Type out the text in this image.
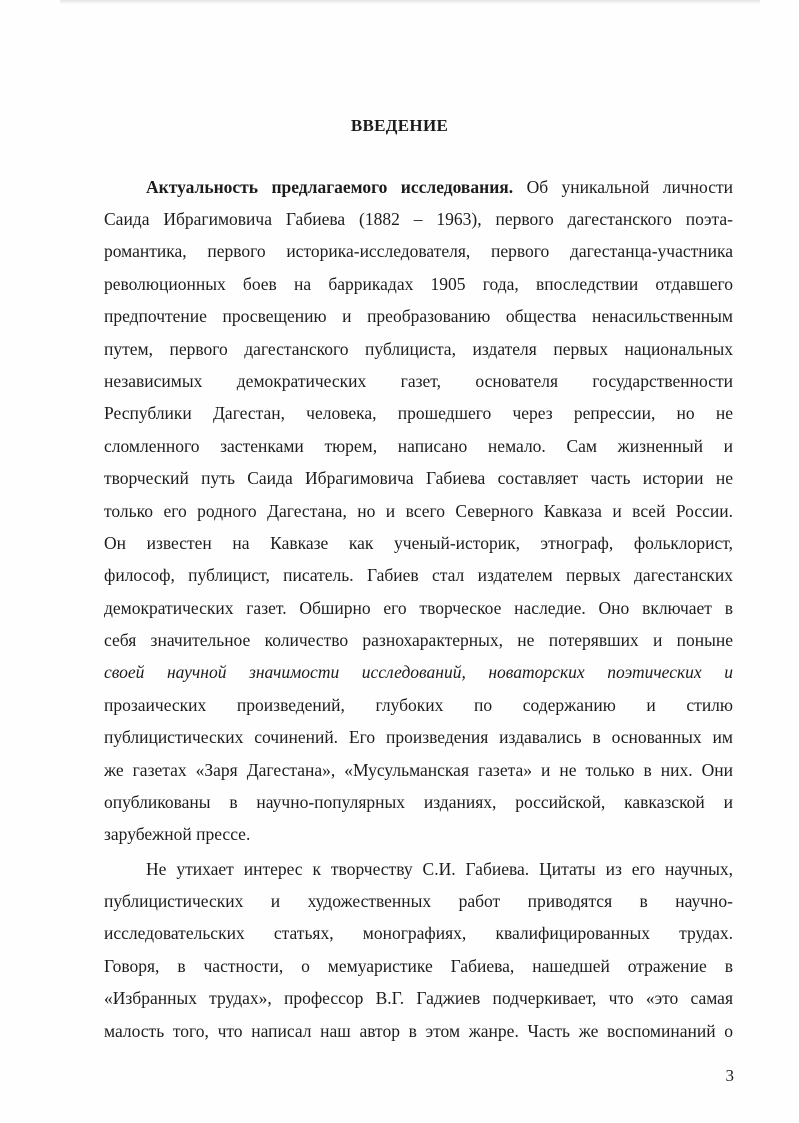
ВВЕДЕНИЕ

Актуальность предлагаемого исследования. Об уникальной личности

Саида Ибрагимовича Габиева (1882 – 1963), первого дагестанского поэта-

романтика, первого историка-исследователя, первого дагестанца-участника

революционных боев на баррикадах 1905 года, впоследствии отдавшего

предпочтение просвещению и преобразованию общества ненасильственным

путем, первого дагестанского публициста, издателя первых национальных

независимых демократических газет, основателя государственности

Республики Дагестан, человека, прошедшего через репрессии, но не

сломленного застенками тюрем, написано немало. Сам жизненный и

творческий путь Саида Ибрагимовича Габиева составляет часть истории не

только его родного Дагестана, но и всего Северного Кавказа и всей России.

Он известен на Кавказе как ученый-историк, этнограф, фольклорист,

философ, публицист, писатель. Габиев стал издателем первых дагестанских

демократических газет. Обширно его творческое наследие. Оно включает в

себя значительное количество разнохарактерных, не потерявших и поныне

своей научной значимости исследований, новаторских поэтических и

прозаических произведений, глубоких по содержанию и стилю

публицистических сочинений. Его произведения издавались в основанных им

же газетах «Заря Дагестана», «Мусульманская газета» и не только в них. Они

опубликованы в научно-популярных изданиях, российской, кавказской и

зарубежной прессе.

Не утихает интерес к творчеству С.И. Габиева. Цитаты из его научных,

публицистических и художественных работ приводятся в научно-

исследовательских статьях, монографиях, квалифицированных трудах.

Говоря, в частности, о мемуаристике Габиева, нашедшей отражение в

«Избранных трудах», профессор В.Г. Гаджиев подчеркивает, что «это самая

малость того, что написал наш автор в этом жанре. Часть же воспоминаний о

3
